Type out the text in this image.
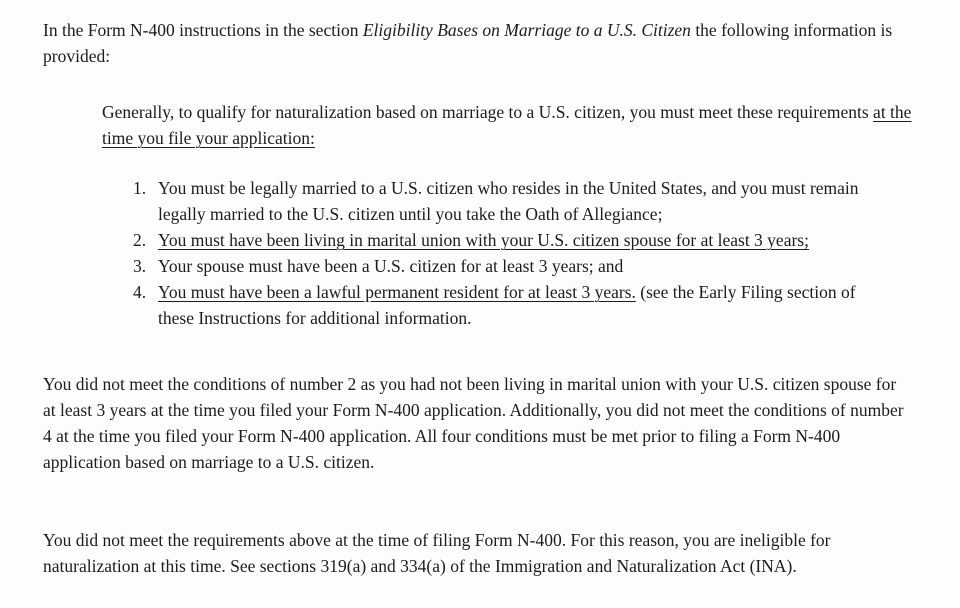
In the Form N-400 instructions in the section Eligibility Bases on Marriage to a U.S. Citizen the following information is provided:

Generally, to qualify for naturalization based on marriage to a U.S. citizen, you must meet these requirements at the time you file your application:

1. You must be legally married to a U.S. citizen who resides in the United States, and you must remain legally married to the U.S. citizen until you take the Oath of Allegiance;
2. You must have been living in marital union with your U.S. citizen spouse for at least 3 years;
3. Your spouse must have been a U.S. citizen for at least 3 years; and
4. You must have been a lawful permanent resident for at least 3 years. (see the Early Filing section of these Instructions for additional information.

You did not meet the conditions of number 2 as you had not been living in marital union with your U.S. citizen spouse for at least 3 years at the time you filed your Form N-400 application. Additionally, you did not meet the conditions of number 4 at the time you filed your Form N-400 application. All four conditions must be met prior to filing a Form N-400 application based on marriage to a U.S. citizen.

You did not meet the requirements above at the time of filing Form N-400. For this reason, you are ineligible for naturalization at this time. See sections 319(a) and 334(a) of the Immigration and Naturalization Act (INA).
